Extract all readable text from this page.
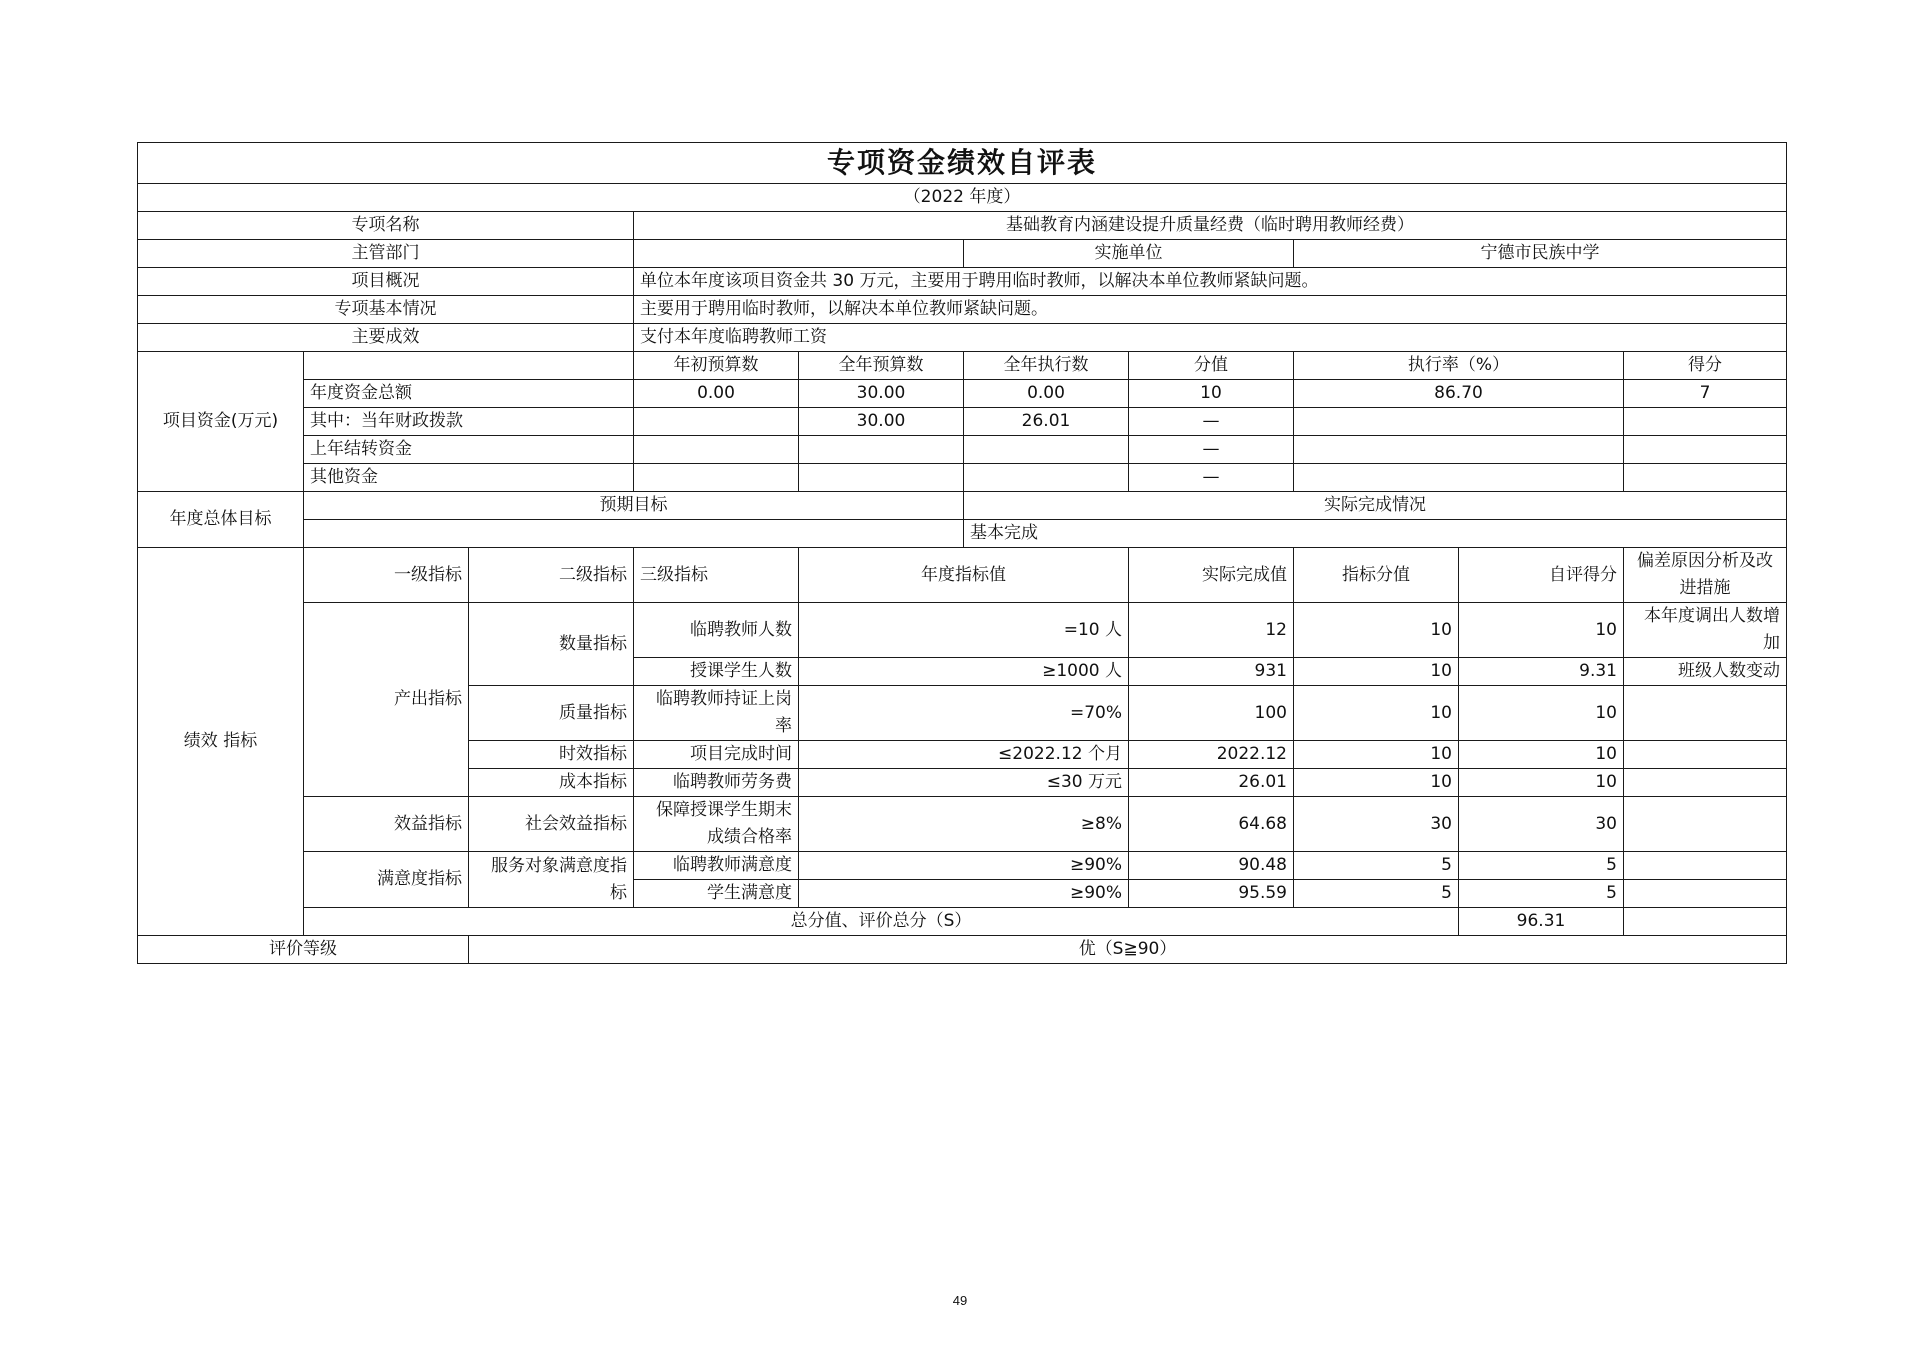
专项资金绩效自评表									
（2022 年度）									
专项名称			基础教育内涵建设提升质量经费（临时聘用教师经费）						
主管部门					实施单位		宁德市民族中学		
项目概况			单位本年度该项目资金共 30 万元，主要用于聘用临时教师，以解决本单位教师紧缺问题。						
专项基本情况			主要用于聘用临时教师，以解决本单位教师紧缺问题。						
主要成效			支付本年度临聘教师工资						
项目资金(万元)			年初预算数	全年预算数	全年执行数	分值	执行率（%）		得分
	年度资金总额		0.00	30.00	0.00	10	86.70		7
	其中：当年财政拨款			30.00	26.01	—			
	上年结转资金					—			
	其他资金					—			
年度总体目标	预期目标				实际完成情况				
					基本完成				
绩效 指标	一级指标	二级指标	三级指标	年度指标值		实际完成值	指标分值	自评得分	偏差原因分析及改进措施
	产出指标	数量指标	临聘教师人数	=10 人		12	10	10	本年度调出人数增加
			授课学生人数	≥1000 人		931	10	9.31	班级人数变动
		质量指标	临聘教师持证上岗率	=70%		100	10	10	
		时效指标	项目完成时间	≤2022.12 个月		2022.12	10	10	
		成本指标	临聘教师劳务费	≤30 万元		26.01	10	10	
	效益指标	社会效益指标	保障授课学生期末成绩合格率	≥8%		64.68	30	30	
	满意度指标	服务对象满意度指标	临聘教师满意度	≥90%		90.48	5	5	
			学生满意度	≥90%		95.59	5	5	
	总分值、评价总分（S）							96.31	
评价等级		优（S≧90）							
49
